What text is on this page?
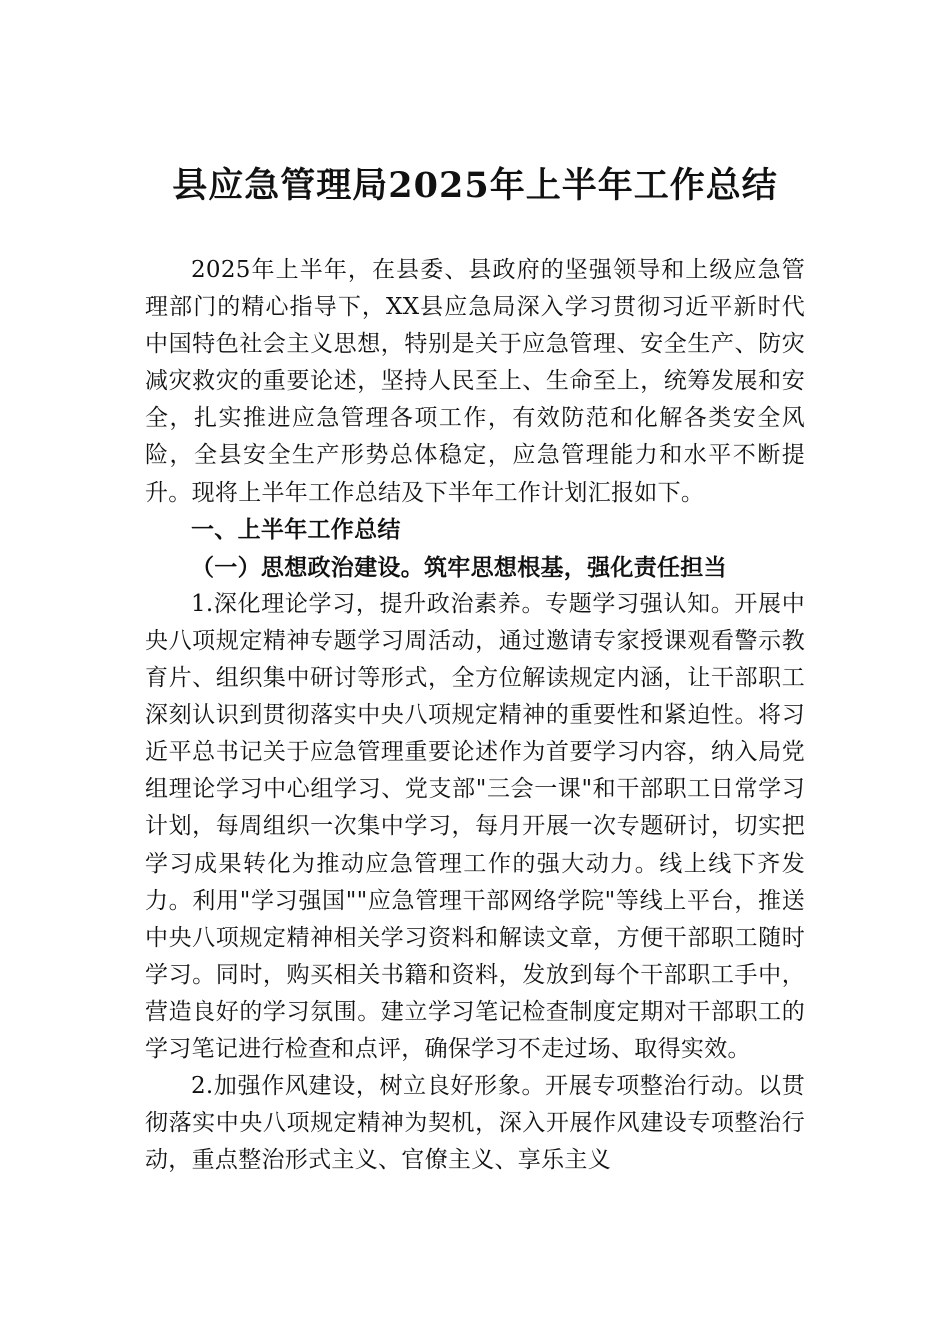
县应急管理局2025年上半年工作总结

2025年上半年，在县委、县政府的坚强领导和上级应急管理部门的精心指导下，XX县应急局深入学习贯彻习近平新时代中国特色社会主义思想，特别是关于应急管理、安全生产、防灾减灾救灾的重要论述，坚持人民至上、生命至上，统筹发展和安全，扎实推进应急管理各项工作，有效防范和化解各类安全风险，全县安全生产形势总体稳定，应急管理能力和水平不断提升。现将上半年工作总结及下半年工作计划汇报如下。

一、上半年工作总结

（一）思想政治建设。筑牢思想根基，强化责任担当

1.深化理论学习，提升政治素养。专题学习强认知。开展中央八项规定精神专题学习周活动，通过邀请专家授课观看警示教育片、组织集中研讨等形式，全方位解读规定内涵，让干部职工深刻认识到贯彻落实中央八项规定精神的重要性和紧迫性。将习近平总书记关于应急管理重要论述作为首要学习内容，纳入局党组理论学习中心组学习、党支部"三会一课"和干部职工日常学习计划，每周组织一次集中学习，每月开展一次专题研讨，切实把学习成果转化为推动应急管理工作的强大动力。线上线下齐发力。利用"学习强国""应急管理干部网络学院"等线上平台，推送中央八项规定精神相关学习资料和解读文章，方便干部职工随时学习。同时，购买相关书籍和资料，发放到每个干部职工手中，营造良好的学习氛围。建立学习笔记检查制度定期对干部职工的学习笔记进行检查和点评，确保学习不走过场、取得实效。

2.加强作风建设，树立良好形象。开展专项整治行动。以贯彻落实中央八项规定精神为契机，深入开展作风建设专项整治行动，重点整治形式主义、官僚主义、享乐主义
